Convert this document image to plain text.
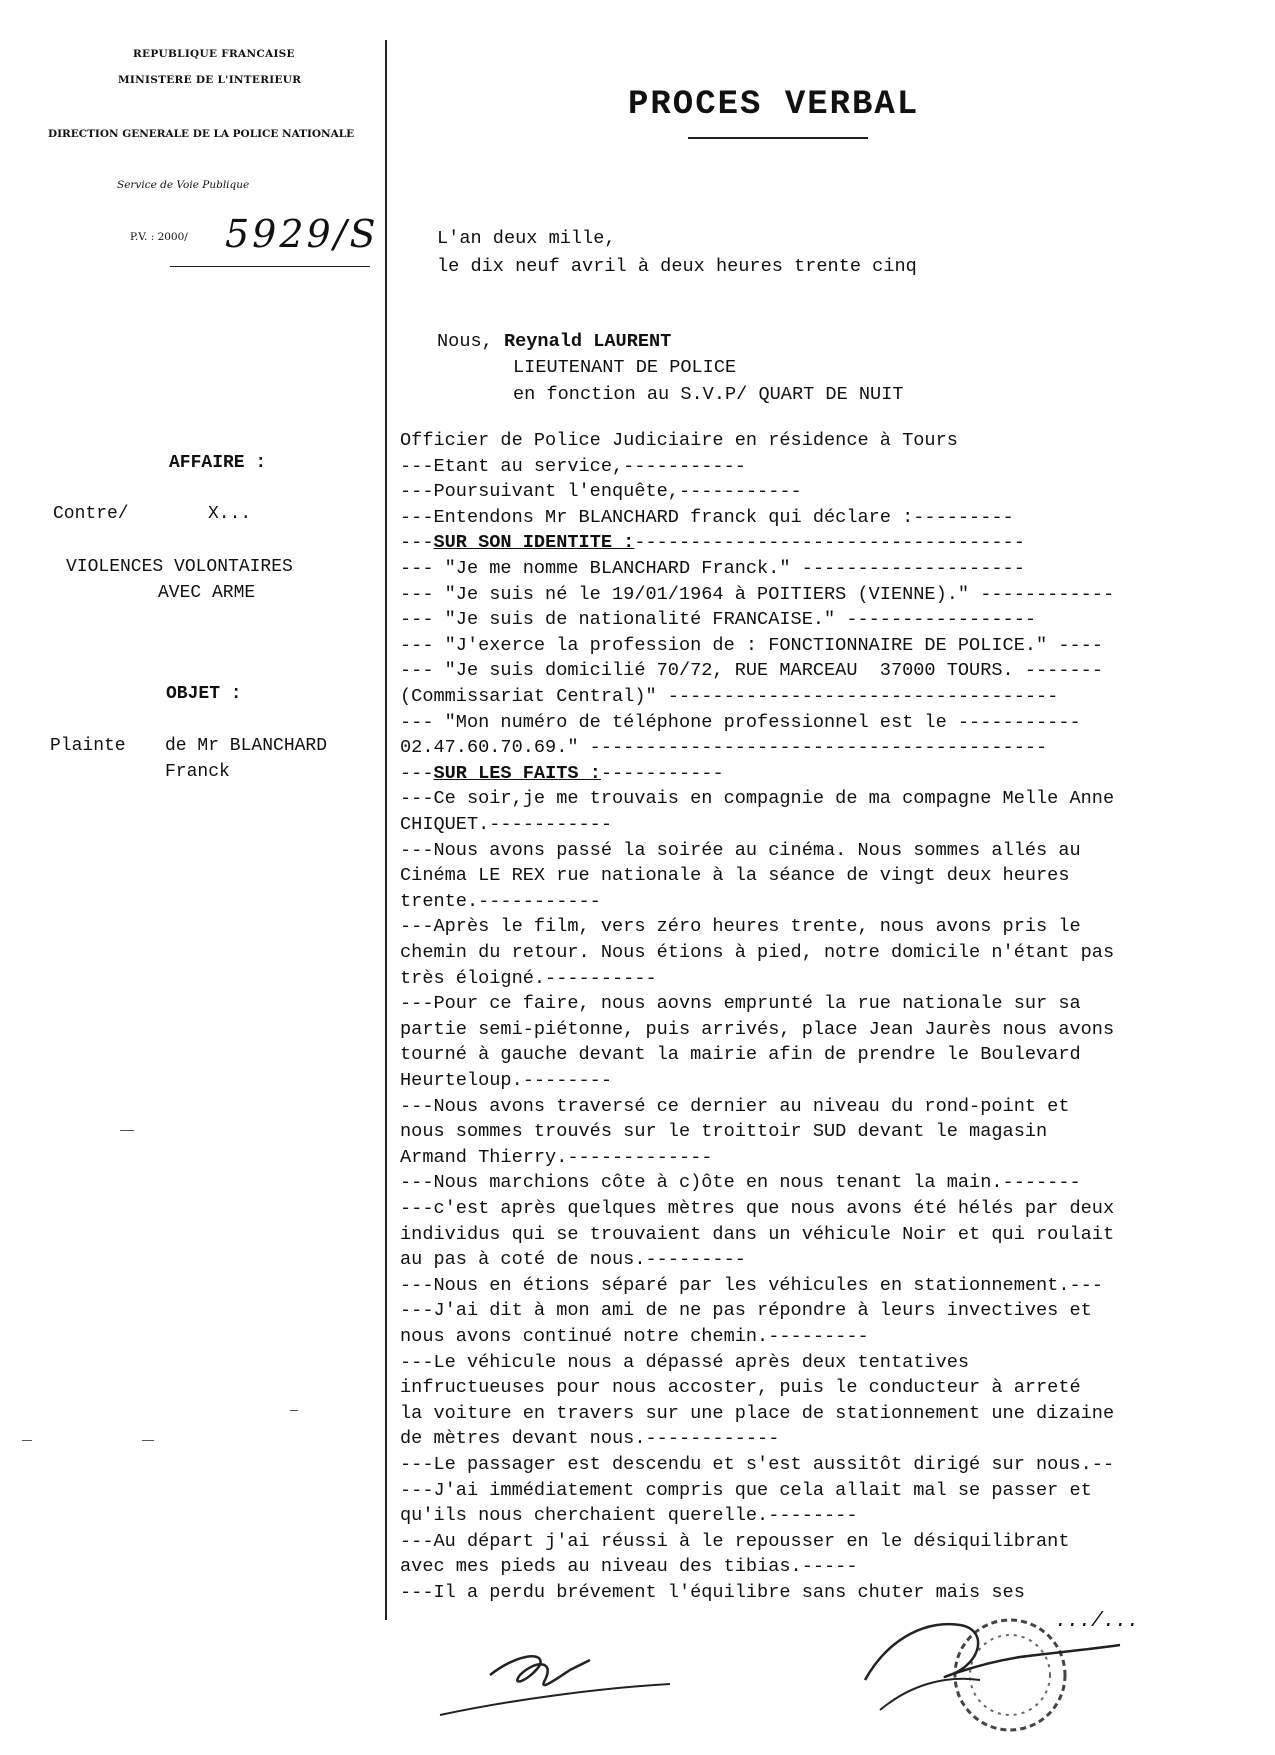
REPUBLIQUE FRANCAISE
MINISTERE DE L'INTERIEUR
DIRECTION GENERALE DE LA POLICE NATIONALE
Service de Voie Publique
P.V. : 2000/ 5929/S
PROCES VERBAL
L'an deux mille,
le dix neuf avril à deux heures trente cinq
Nous, Reynald LAURENT
LIEUTENANT DE POLICE
en fonction au S.V.P/ QUART DE NUIT
AFFAIRE :
Contre/	X...
VIOLENCES VOLONTAIRES
AVEC ARME
OBJET :
Plainte de Mr BLANCHARD
Franck
Officier de Police Judiciaire en résidence à Tours
---Etant au service,-----------
---Poursuivant l'enquête,-----------
---Entendons Mr BLANCHARD franck qui déclare :---------
---SUR SON IDENTITE :-----------------------------------
--- "Je me nomme BLANCHARD Franck." --------------------
--- "Je suis né le 19/01/1964 à POITIERS (VIENNE)." ------------
--- "Je suis de nationalité FRANCAISE." -----------------
--- "J'exerce la profession de : FONCTIONNAIRE DE POLICE." ----
--- "Je suis domicilié 70/72, RUE MARCEAU  37000 TOURS. -------
(Commissariat Central)" -----------------------------------
--- "Mon numéro de téléphone professionnel est le -----------
02.47.60.70.69." -----------------------------------------
---SUR LES FAITS :-----------
---Ce soir,je me trouvais en compagnie de ma compagne Melle Anne
CHIQUET.-----------
---Nous avons passé la soirée au cinéma. Nous sommes allés au
Cinéma LE REX rue nationale à la séance de vingt deux heures
trente.-----------
---Après le film, vers zéro heures trente, nous avons pris le
chemin du retour. Nous étions à pied, notre domicile n'étant pas
très éloigné.----------
---Pour ce faire, nous aovns emprunté la rue nationale sur sa
partie semi-piétonne, puis arrivés, place Jean Jaurès nous avons
tourné à gauche devant la mairie afin de prendre le Boulevard
Heurteloup.--------
---Nous avons traversé ce dernier au niveau du rond-point et
nous sommes trouvés sur le troittoir SUD devant le magasin
Armand Thierry.-------------
---Nous marchions côte à c)ôte en nous tenant la main.-------
---c'est après quelques mètres que nous avons été hélés par deux
individus qui se trouvaient dans un véhicule Noir et qui roulait
au pas à coté de nous.---------
---Nous en étions séparé par les véhicules en stationnement.---
---J'ai dit à mon ami de ne pas répondre à leurs invectives et
nous avons continué notre chemin.---------
---Le véhicule nous a dépassé après deux tentatives
infructueuses pour nous accoster, puis le conducteur à arreté
la voiture en travers sur une place de stationnement une dizaine
de mètres devant nous.------------
---Le passager est descendu et s'est aussitôt dirigé sur nous.--
---J'ai immédiatement compris que cela allait mal se passer et
qu'ils nous cherchaient querelle.--------
---Au départ j'ai réussi à le repousser en le désiquilibrant
avec mes pieds au niveau des tibias.-----
---Il a perdu brévement l'équilibre sans chuter mais ses
.../...
